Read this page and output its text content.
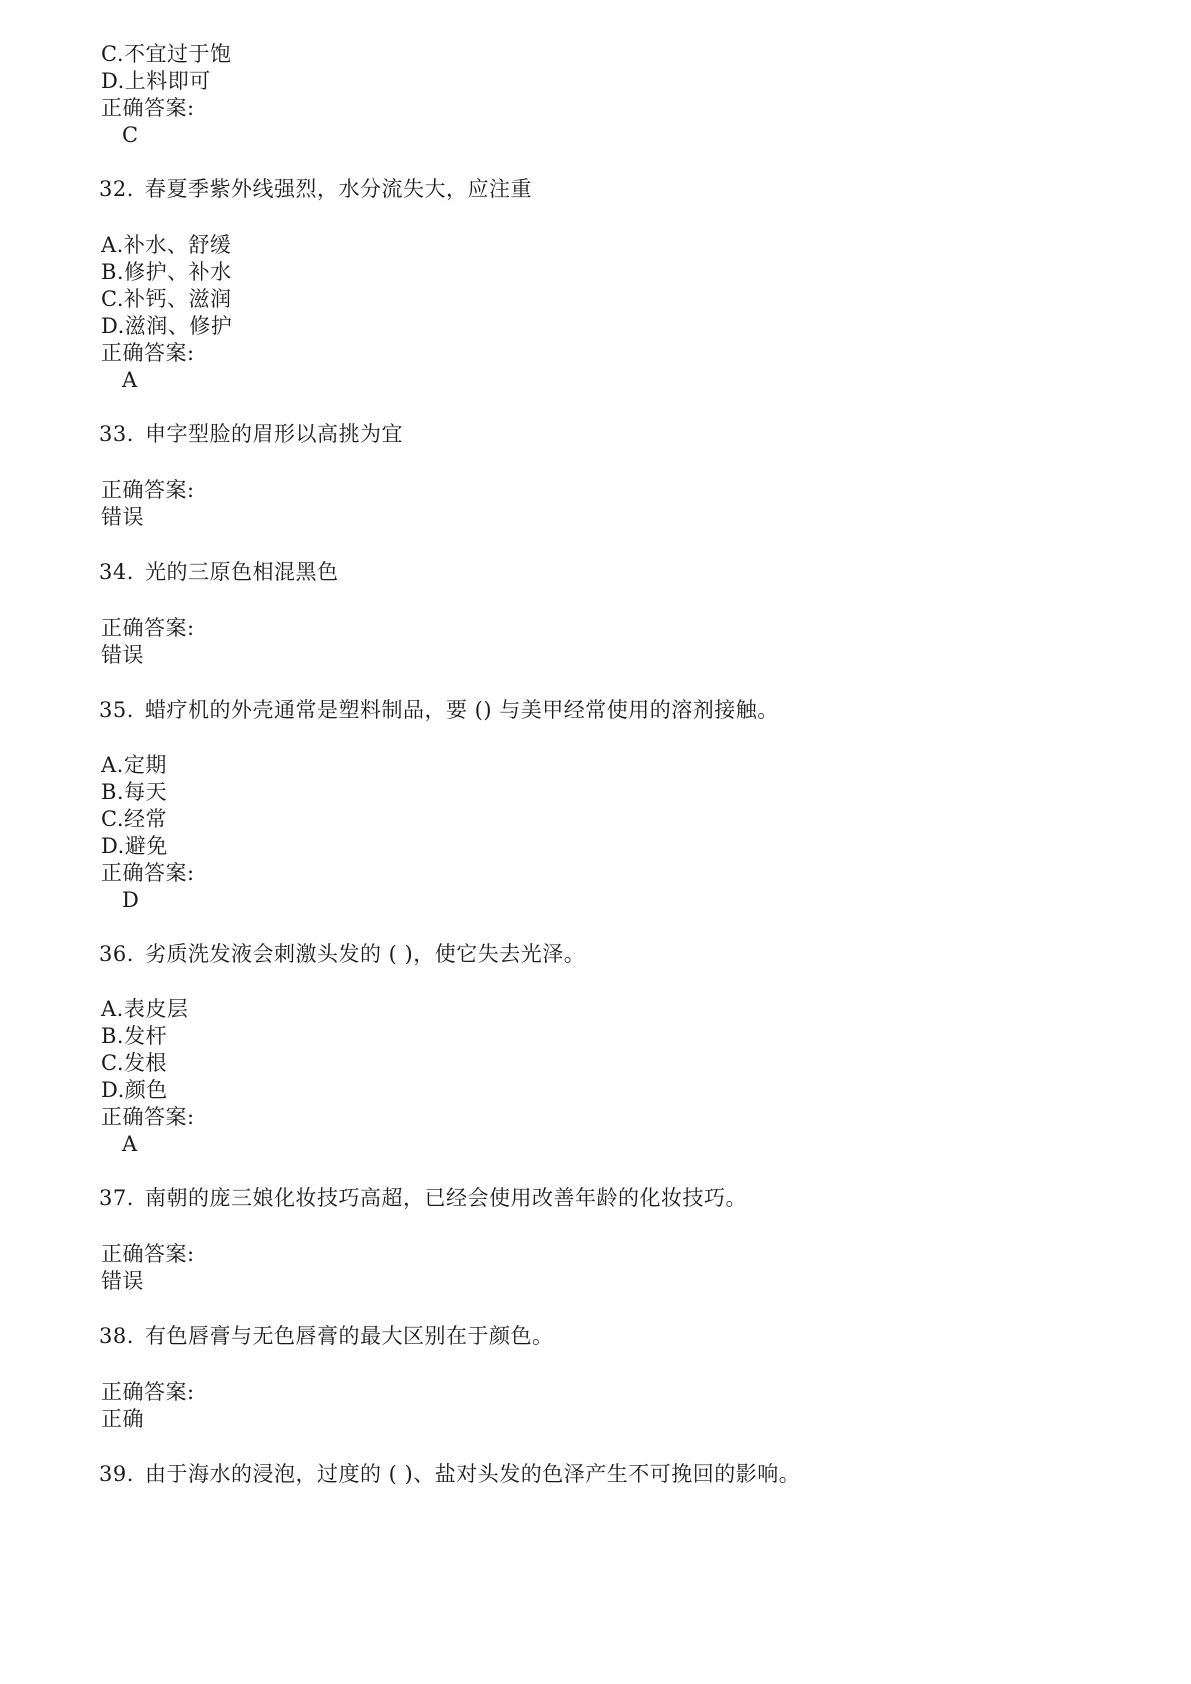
C.不宜过于饱
D.上料即可
正确答案:
C
32. 春夏季紫外线强烈，水分流失大，应注重
A.补水、舒缓
B.修护、补水
C.补钙、滋润
D.滋润、修护
正确答案:
A
33. 申字型脸的眉形以高挑为宜
正确答案:
错误
34. 光的三原色相混黑色
正确答案:
错误
35. 蜡疗机的外壳通常是塑料制品，要 () 与美甲经常使用的溶剂接触。
A.定期
B.每天
C.经常
D.避免
正确答案:
D
36. 劣质洗发液会刺激头发的 ( )，使它失去光泽。
A.表皮层
B.发杆
C.发根
D.颜色
正确答案:
A
37. 南朝的庞三娘化妆技巧高超，已经会使用改善年龄的化妆技巧。
正确答案:
错误
38. 有色唇膏与无色唇膏的最大区别在于颜色。
正确答案:
正确
39. 由于海水的浸泡，过度的 ( )、盐对头发的色泽产生不可挽回的影响。
